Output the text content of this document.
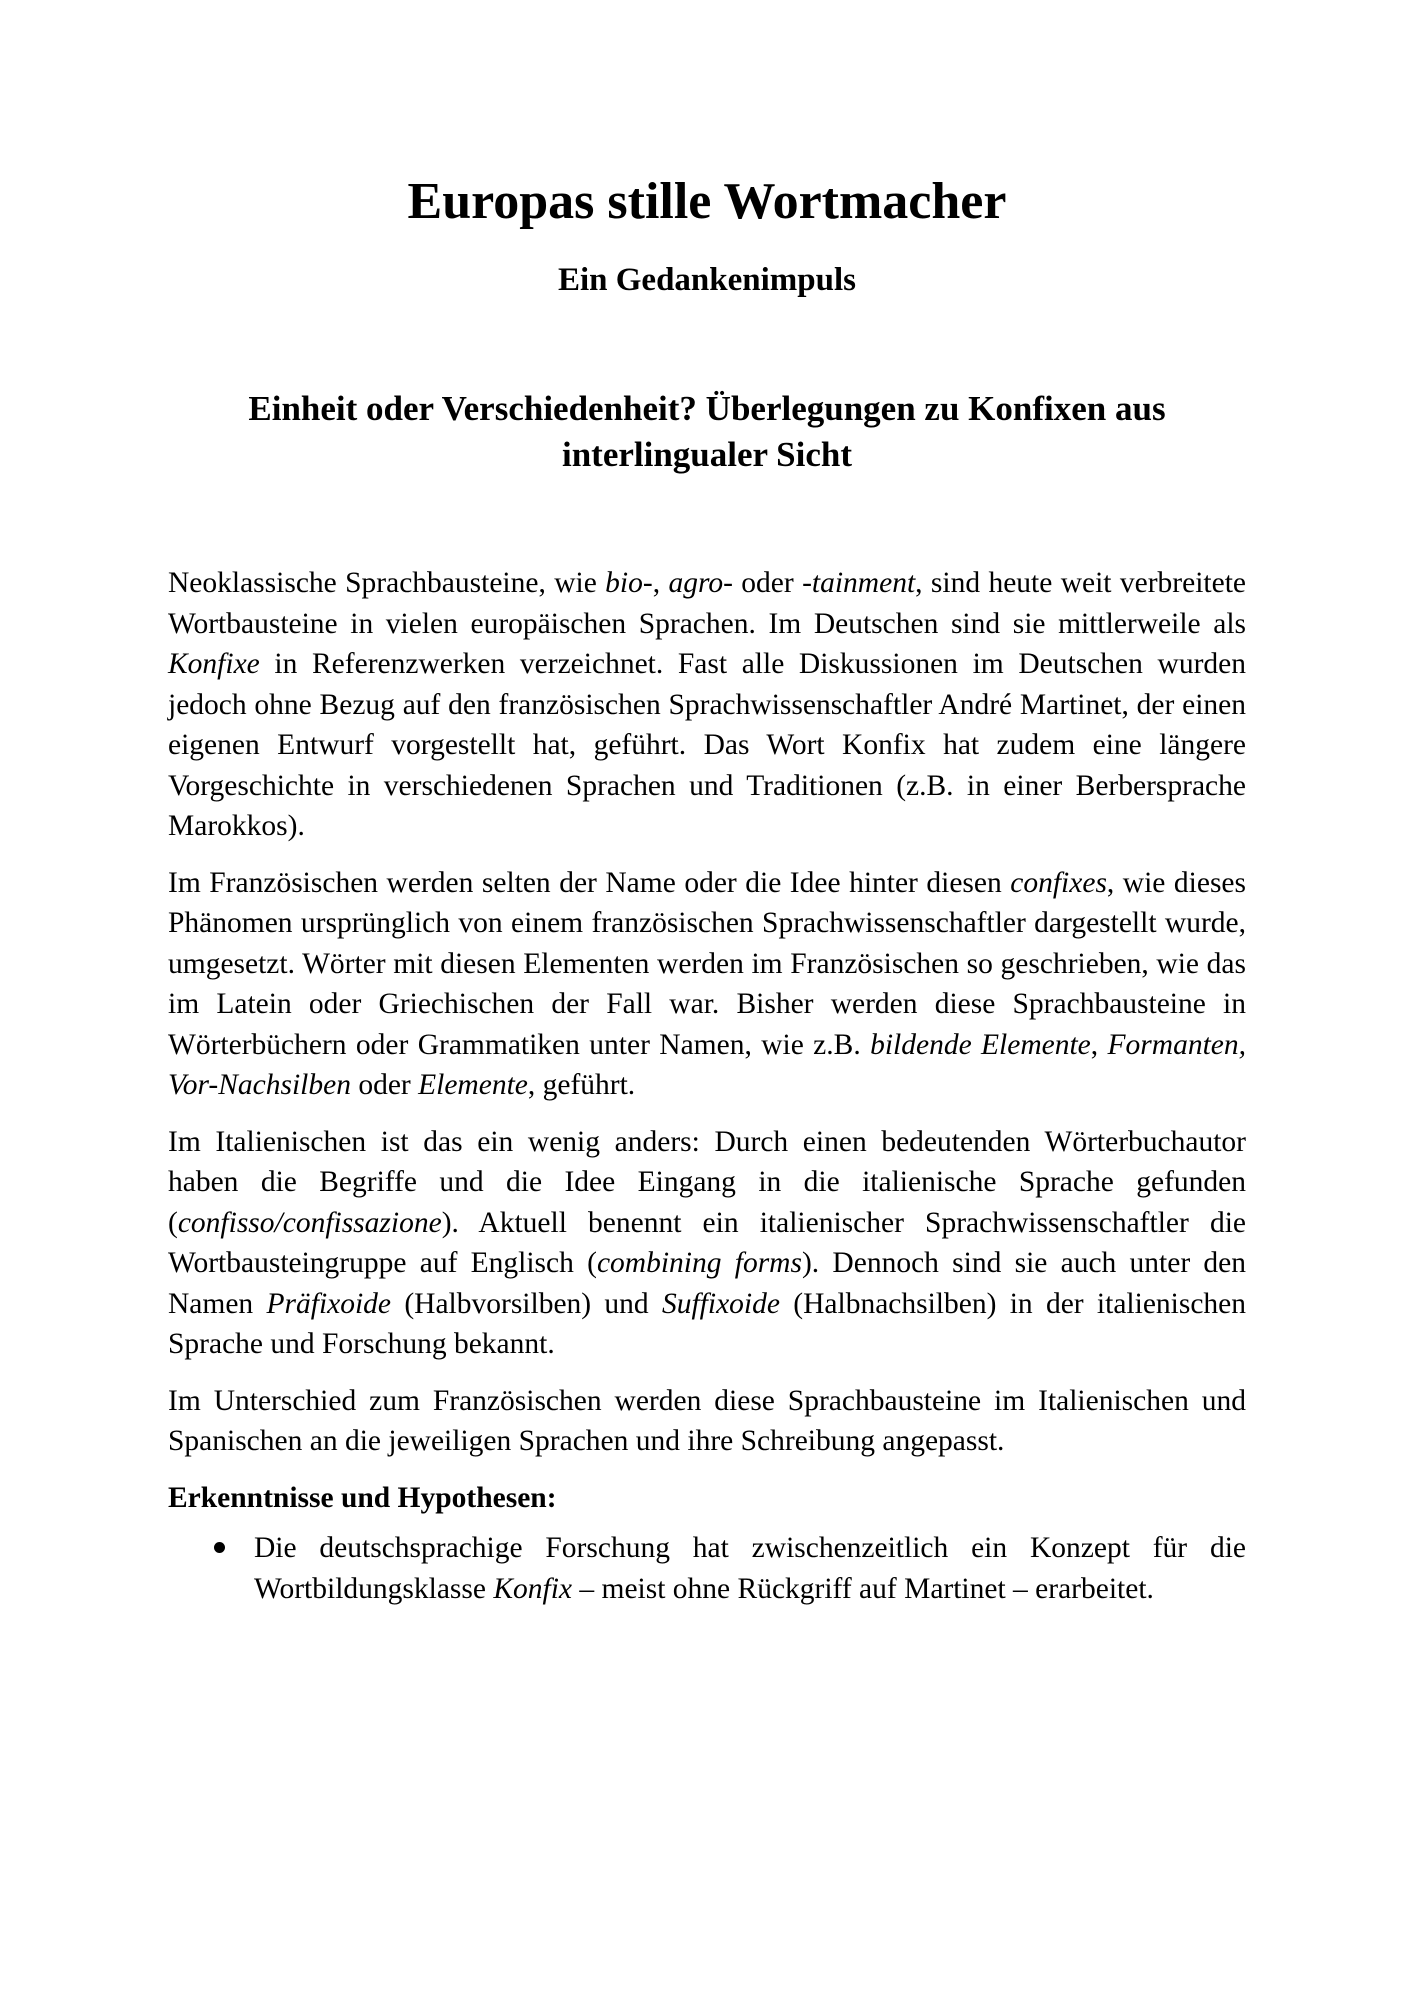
Europas stille Wortmacher
Ein Gedankenimpuls
Einheit oder Verschiedenheit? Überlegungen zu Konfixen aus interlingualer Sicht

Neoklassische Sprachbausteine, wie bio-, agro- oder -tainment, sind heute weit verbreitete Wortbausteine in vielen europäischen Sprachen. Im Deutschen sind sie mittlerweile als Konfixe in Referenzwerken verzeichnet. Fast alle Diskussionen im Deutschen wurden jedoch ohne Bezug auf den französischen Sprachwissenschaftler André Martinet, der einen eigenen Entwurf vorgestellt hat, geführt. Das Wort Konfix hat zudem eine längere Vorgeschichte in verschiedenen Sprachen und Traditionen (z.B. in einer Berbersprache Marokkos).

Im Französischen werden selten der Name oder die Idee hinter diesen confixes, wie dieses Phänomen ursprünglich von einem französischen Sprachwissenschaftler dargestellt wurde, umgesetzt. Wörter mit diesen Elementen werden im Französischen so geschrieben, wie das im Latein oder Griechischen der Fall war. Bisher werden diese Sprachbausteine in Wörterbüchern oder Grammatiken unter Namen, wie z.B. bildende Elemente, Formanten, Vor-Nachsilben oder Elemente, geführt.

Im Italienischen ist das ein wenig anders: Durch einen bedeutenden Wörterbuchautor haben die Begriffe und die Idee Eingang in die italienische Sprache gefunden (confisso/confissazione). Aktuell benennt ein italienischer Sprachwissenschaftler die Wortbausteingruppe auf Englisch (combining forms). Dennoch sind sie auch unter den Namen Präfixoide (Halbvorsilben) und Suffixoide (Halbnachsilben) in der italienischen Sprache und Forschung bekannt.

Im Unterschied zum Französischen werden diese Sprachbausteine im Italienischen und Spanischen an die jeweiligen Sprachen und ihre Schreibung angepasst.

Erkenntnisse und Hypothesen:

Die deutschsprachige Forschung hat zwischenzeitlich ein Konzept für die Wortbildungsklasse Konfix – meist ohne Rückgriff auf Martinet – erarbeitet.
